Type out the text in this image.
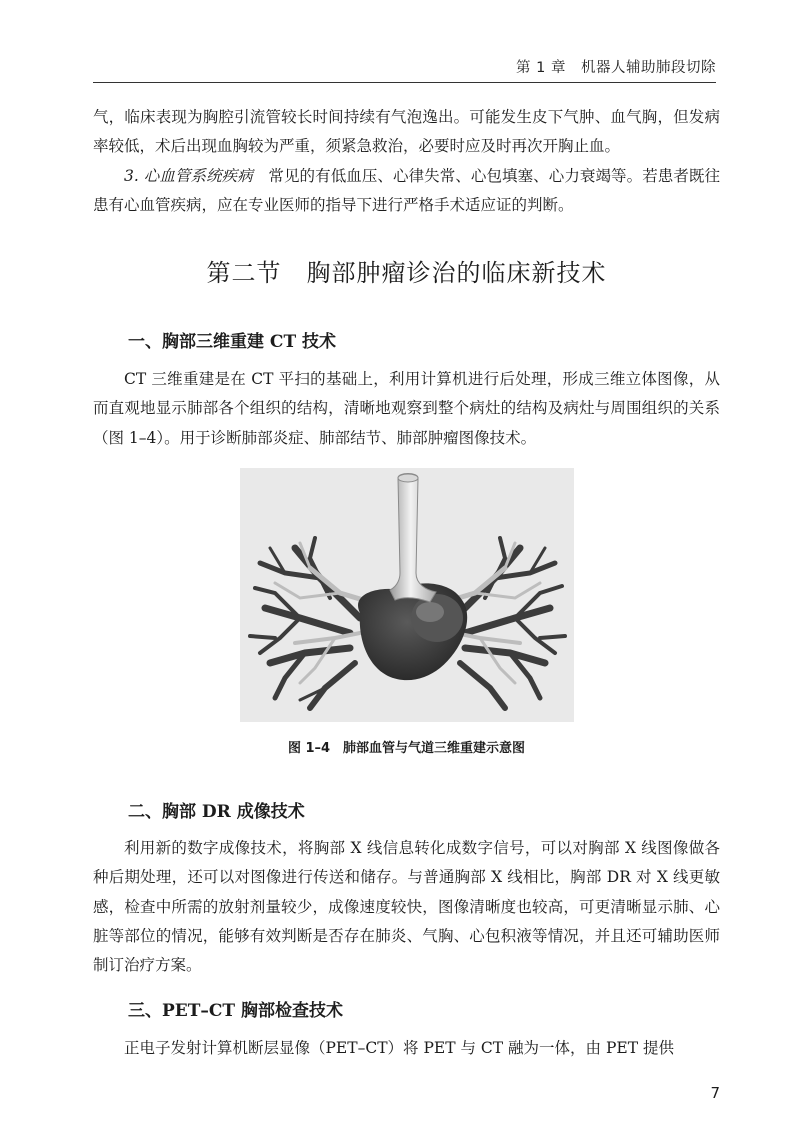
第 1 章　机器人辅助肺段切除

气，临床表现为胸腔引流管较长时间持续有气泡逸出。可能发生皮下气肿、血气胸，但发病率较低，术后出现血胸较为严重，须紧急救治，必要时应及时再次开胸止血。

3. 心血管系统疾病　常见的有低血压、心律失常、心包填塞、心力衰竭等。若患者既往患有心血管疾病，应在专业医师的指导下进行严格手术适应证的判断。

第二节　胸部肿瘤诊治的临床新技术
一、胸部三维重建 CT 技术

CT 三维重建是在 CT 平扫的基础上，利用计算机进行后处理，形成三维立体图像，从而直观地显示肺部各个组织的结构，清晰地观察到整个病灶的结构及病灶与周围组织的关系（图 1–4）。用于诊断肺部炎症、肺部结节、肺部肿瘤图像技术。

图 1–4　肺部血管与气道三维重建示意图
二、胸部 DR 成像技术

利用新的数字成像技术，将胸部 X 线信息转化成数字信号，可以对胸部 X 线图像做各种后期处理，还可以对图像进行传送和储存。与普通胸部 X 线相比，胸部 DR 对 X 线更敏感，检查中所需的放射剂量较少，成像速度较快，图像清晰度也较高，可更清晰显示肺、心脏等部位的情况，能够有效判断是否存在肺炎、气胸、心包积液等情况，并且还可辅助医师制订治疗方案。

三、PET–CT 胸部检查技术

正电子发射计算机断层显像（PET–CT）将 PET 与 CT 融为一体，由 PET 提供

7
